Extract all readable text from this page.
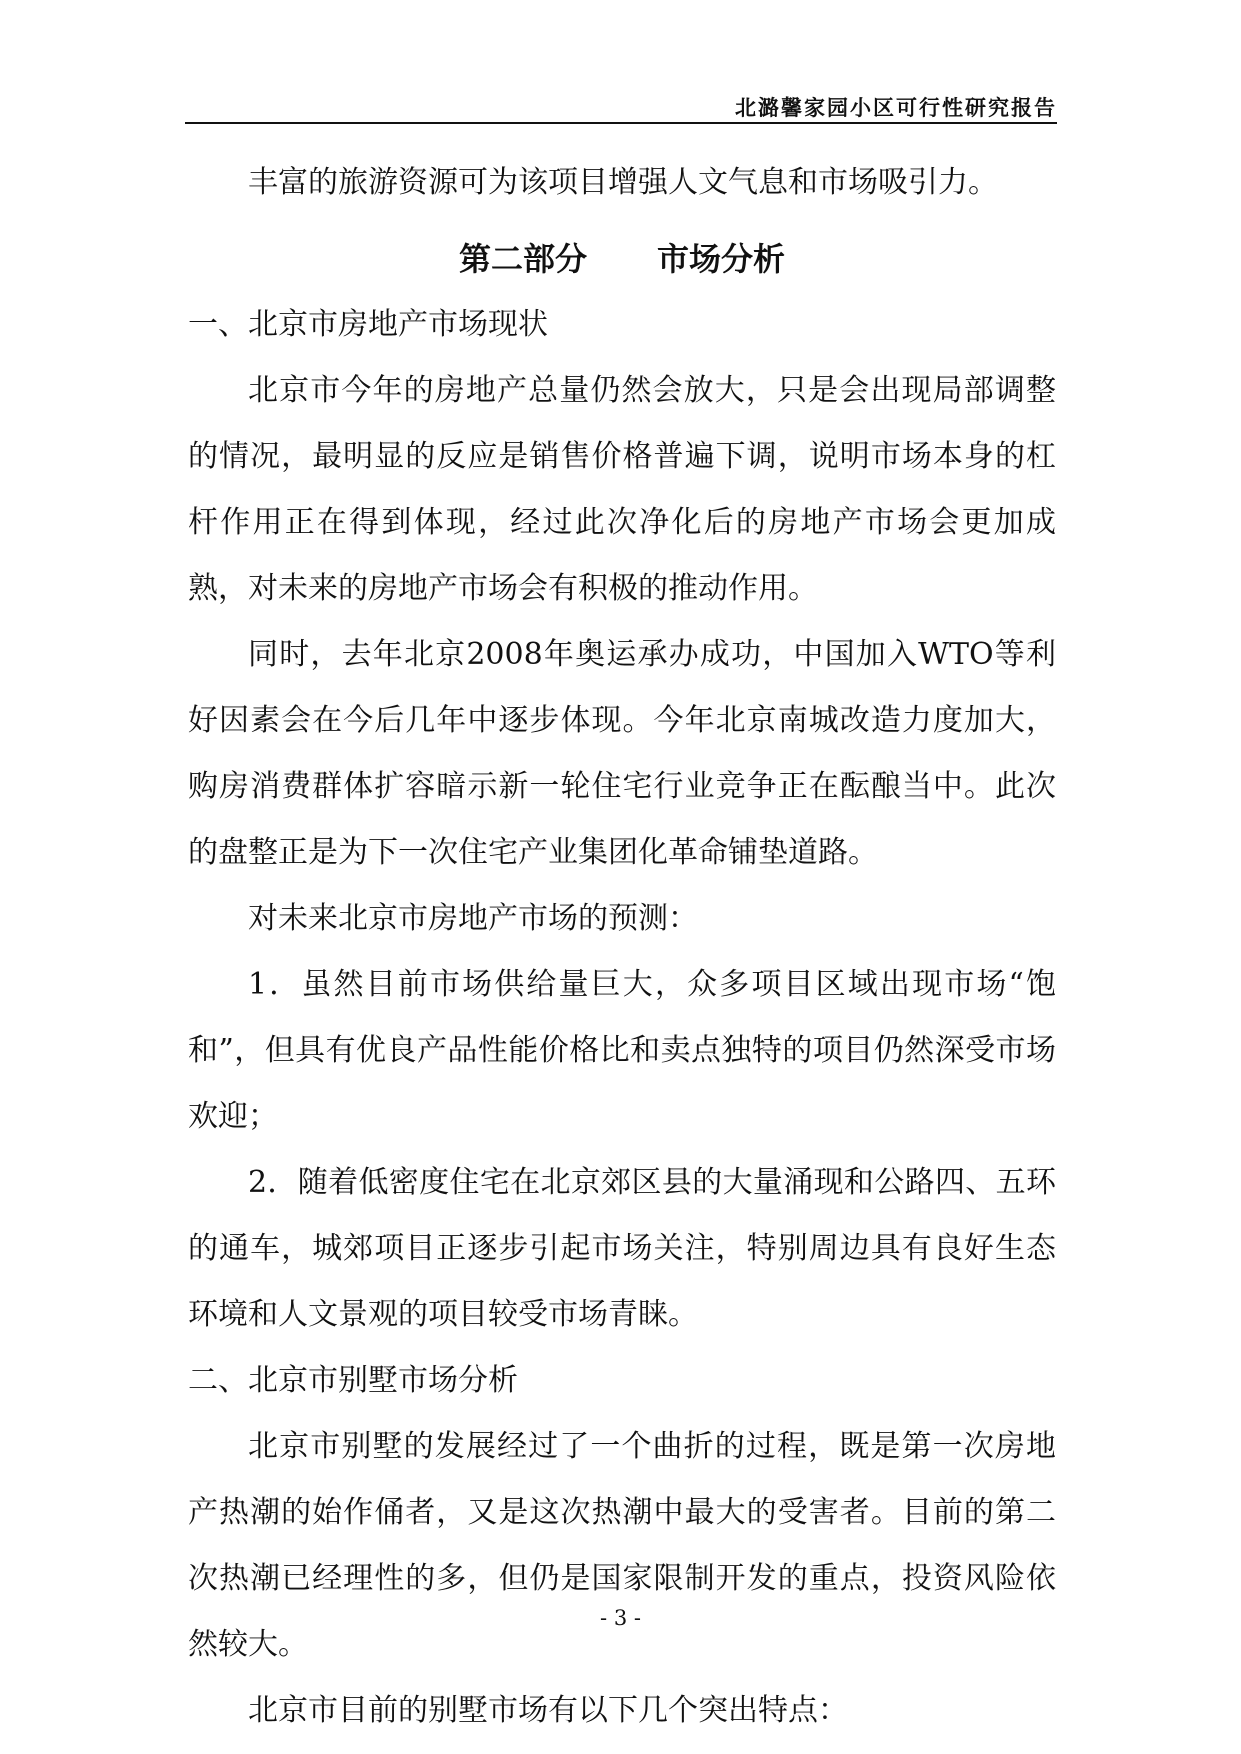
北潞馨家园小区可行性研究报告

丰富的旅游资源可为该项目增强人文气息和市场吸引力。

第二部分 市场分析

一、北京市房地产市场现状

北京市今年的房地产总量仍然会放大，只是会出现局部调整的情况，最明显的反应是销售价格普遍下调，说明市场本身的杠杆作用正在得到体现，经过此次净化后的房地产市场会更加成熟，对未来的房地产市场会有积极的推动作用。

同时，去年北京2008年奥运承办成功，中国加入WTO等利好因素会在今后几年中逐步体现。今年北京南城改造力度加大，购房消费群体扩容暗示新一轮住宅行业竞争正在酝酿当中。此次的盘整正是为下一次住宅产业集团化革命铺垫道路。

对未来北京市房地产市场的预测：

1．虽然目前市场供给量巨大，众多项目区域出现市场“饱和”，但具有优良产品性能价格比和卖点独特的项目仍然深受市场欢迎；

2．随着低密度住宅在北京郊区县的大量涌现和公路四、五环的通车，城郊项目正逐步引起市场关注，特别周边具有良好生态环境和人文景观的项目较受市场青睐。

二、北京市别墅市场分析

北京市别墅的发展经过了一个曲折的过程，既是第一次房地产热潮的始作俑者，又是这次热潮中最大的受害者。目前的第二次热潮已经理性的多，但仍是国家限制开发的重点，投资风险依然较大。

北京市目前的别墅市场有以下几个突出特点：

- 3 -
